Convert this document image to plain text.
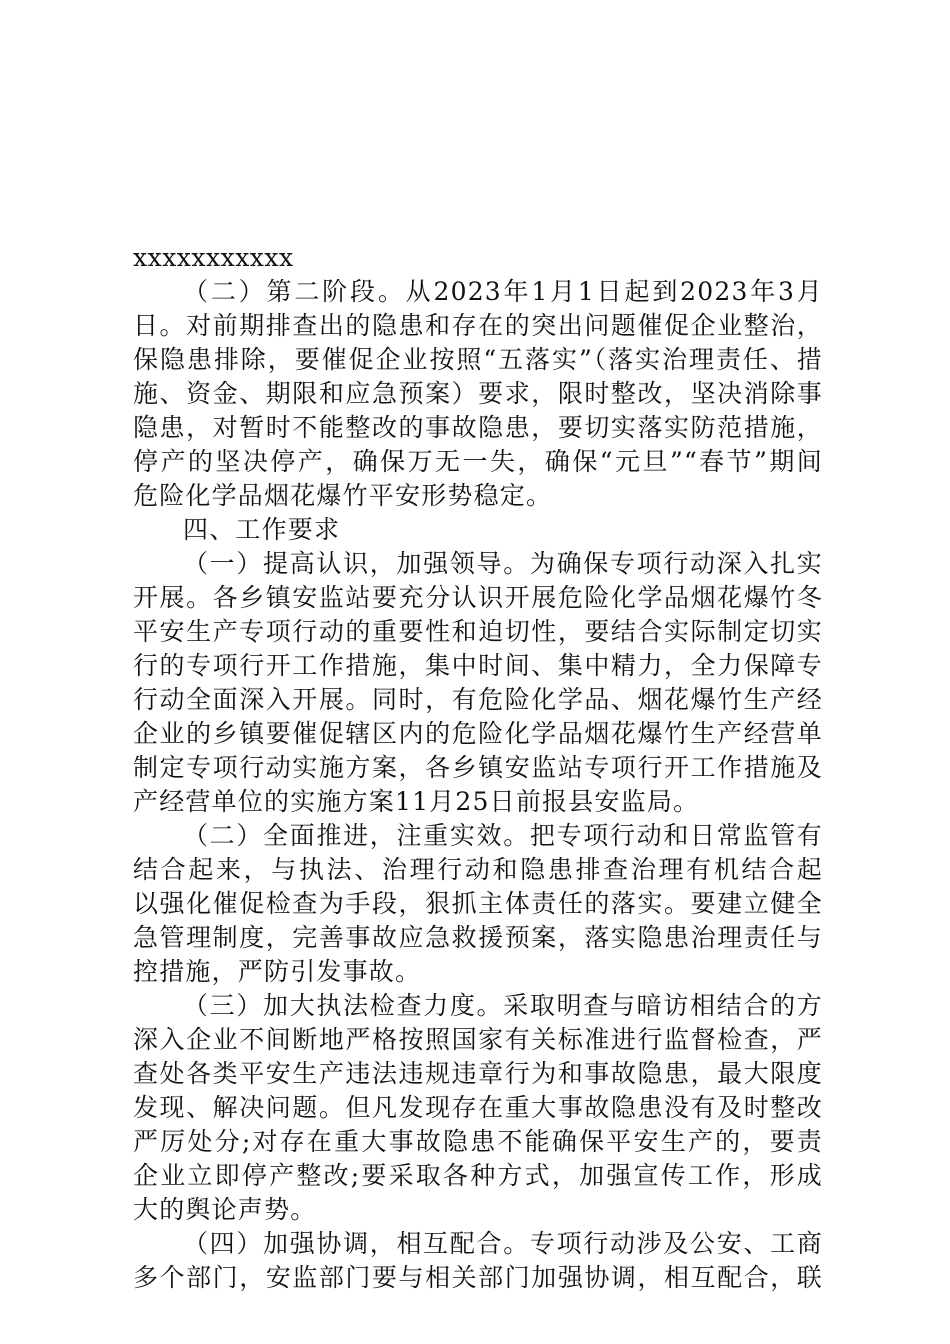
xxxxxxxxxxx
（二）第二阶段。从2023年1月1日起到2023年3月
日。对前期排查出的隐患和存在的突出问题催促企业整治，
保隐患排除，要催促企业按照“五落实”（落实治理责任、措
施、资金、期限和应急预案）要求，限时整改，坚决消除事
隐患，对暂时不能整改的事故隐患，要切实落实防范措施，
停产的坚决停产，确保万无一失，确保“元旦”“春节”期间
危险化学品烟花爆竹平安形势稳定。
四、工作要求
（一）提高认识，加强领导。为确保专项行动深入扎实
开展。各乡镇安监站要充分认识开展危险化学品烟花爆竹冬
平安生产专项行动的重要性和迫切性，要结合实际制定切实
行的专项行开工作措施，集中时间、集中精力，全力保障专
行动全面深入开展。同时，有危险化学品、烟花爆竹生产经
企业的乡镇要催促辖区内的危险化学品烟花爆竹生产经营单
制定专项行动实施方案，各乡镇安监站专项行开工作措施及
产经营单位的实施方案11月25日前报县安监局。
（二）全面推进，注重实效。把专项行动和日常监管有
结合起来，与执法、治理行动和隐患排查治理有机结合起
以强化催促检查为手段，狠抓主体责任的落实。要建立健全
急管理制度，完善事故应急救援预案，落实隐患治理责任与
控措施，严防引发事故。
（三）加大执法检查力度。采取明查与暗访相结合的方
深入企业不间断地严格按照国家有关标准进行监督检查，严
查处各类平安生产违法违规违章行为和事故隐患，最大限度
发现、解决问题。但凡发现存在重大事故隐患没有及时整改
严厉处分;对存在重大事故隐患不能确保平安生产的，要责
企业立即停产整改;要采取各种方式，加强宣传工作，形成
大的舆论声势。
（四）加强协调，相互配合。专项行动涉及公安、工商
多个部门，安监部门要与相关部门加强协调，相互配合，联
